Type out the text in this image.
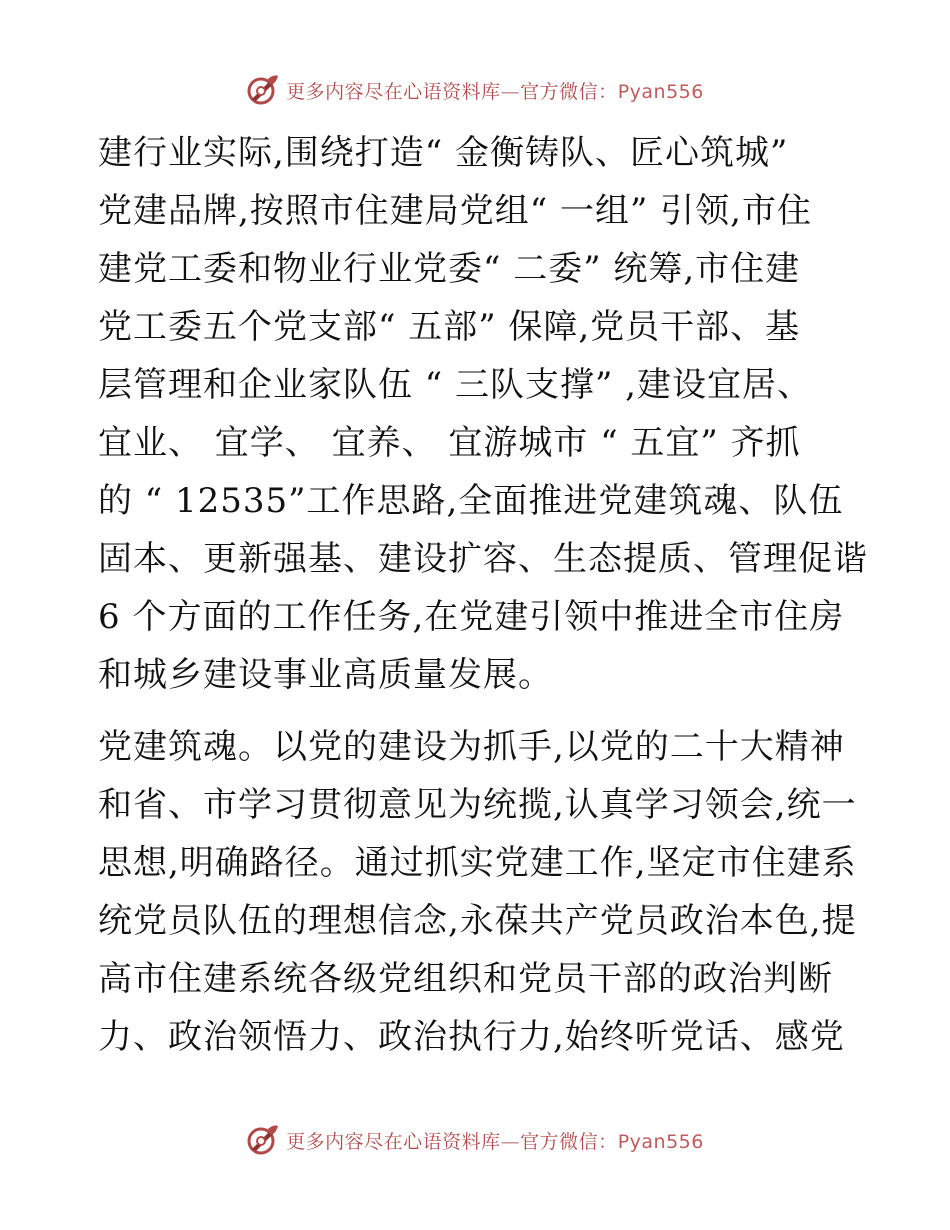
更多内容尽在心语资料库—官方微信：Pyan556
建行业实际,围绕打造“ 金衡铸队、匠心筑城”
党建品牌,按照市住建局党组“ 一组” 引领,市住
建党工委和物业行业党委“ 二委” 统筹,市住建
党工委五个党支部“ 五部” 保障,党员干部、基
层管理和企业家队伍 “ 三队支撑” ,建设宜居、
宜业、 宜学、 宜养、 宜游城市 “ 五宜” 齐抓
的 “ 12535”工作思路,全面推进党建筑魂、队伍
固本、更新强基、建设扩容、生态提质、管理促谐
6 个方面的工作任务,在党建引领中推进全市住房
和城乡建设事业高质量发展。
党建筑魂。以党的建设为抓手,以党的二十大精神
和省、市学习贯彻意见为统揽,认真学习领会,统一
思想,明确路径。通过抓实党建工作,坚定市住建系
统党员队伍的理想信念,永葆共产党员政治本色,提
高市住建系统各级党组织和党员干部的政治判断
力、政治领悟力、政治执行力,始终听党话、感党
更多内容尽在心语资料库—官方微信：Pyan556
